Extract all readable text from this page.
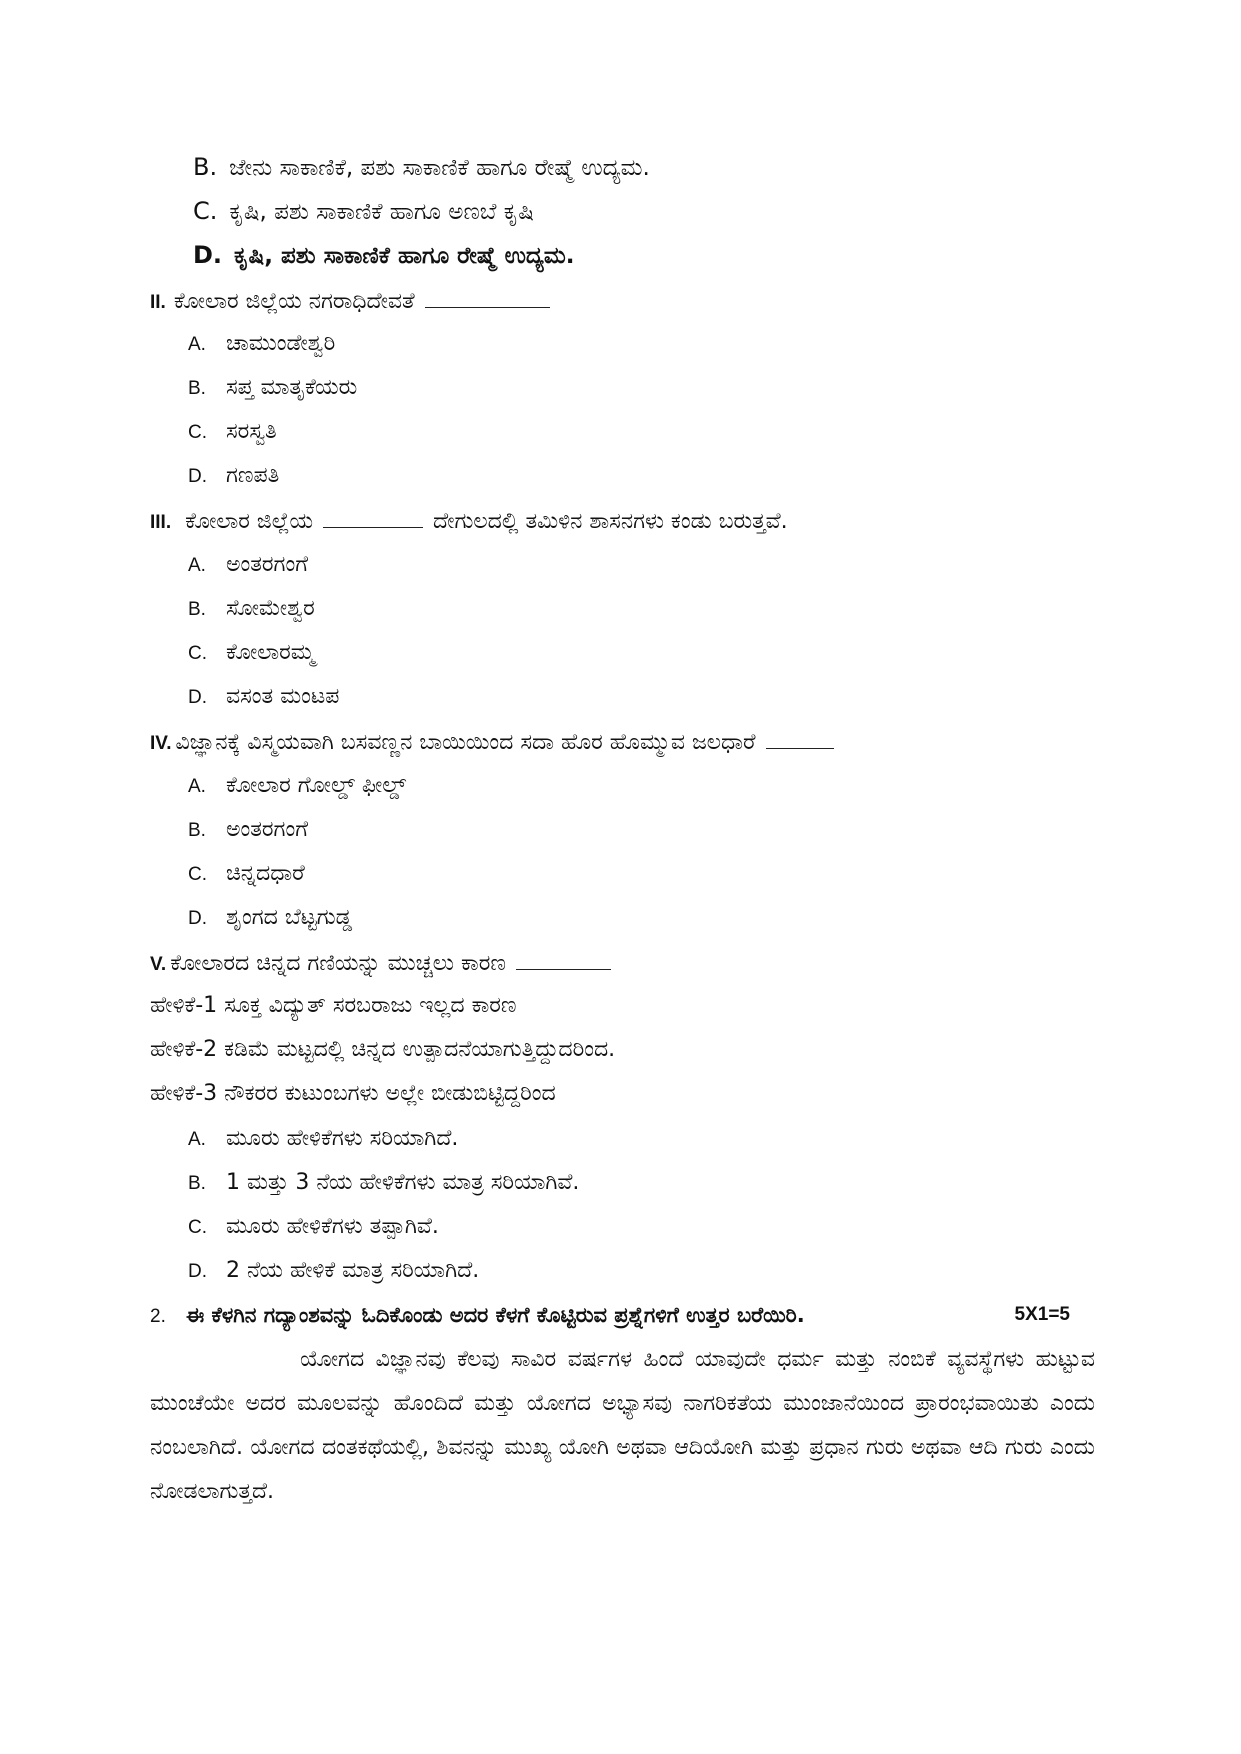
B. ಜೇನು ಸಾಕಾಣಿಕೆ, ಪಶು ಸಾಕಾಣಿಕೆ ಹಾಗೂ ರೇಷ್ಮೆ ಉದ್ಯಮ.
C. ಕೃಷಿ, ಪಶು ಸಾಕಾಣಿಕೆ ಹಾಗೂ ಅಣಬೆ ಕೃಷಿ
D. ಕೃಷಿ, ಪಶು ಸಾಕಾಣಿಕೆ ಹಾಗೂ ರೇಷ್ಮೆ ಉದ್ಯಮ.
II. ಕೋಲಾರ ಜಿಲ್ಲೆಯ ನಗರಾಧಿದೇವತೆ
A. ಚಾಮುಂಡೇಶ್ವರಿ
B. ಸಪ್ತ ಮಾತೃಕೆಯರು
C. ಸರಸ್ವತಿ
D. ಗಣಪತಿ
III. ಕೋಲಾರ ಜಿಲ್ಲೆಯ	ದೇಗುಲದಲ್ಲಿ ತಮಿಳಿನ ಶಾಸನಗಳು ಕಂಡು ಬರುತ್ತವೆ.
A. ಅಂತರಗಂಗೆ
B. ಸೋಮೇಶ್ವರ
C. ಕೋಲಾರಮ್ಮ
D. ವಸಂತ ಮಂಟಪ
IV. ವಿಜ್ಞಾನಕ್ಕೆ ವಿಸ್ಮಯವಾಗಿ ಬಸವಣ್ಣನ ಬಾಯಿಯಿಂದ ಸದಾ ಹೊರ ಹೊಮ್ಮುವ ಜಲಧಾರೆ
A. ಕೋಲಾರ ಗೋಲ್ಡ್ ಫೀಲ್ಡ್
B. ಅಂತರಗಂಗೆ
C. ಚಿನ್ನದಧಾರೆ
D. ಶೃಂಗದ ಬೆಟ್ಟಗುಡ್ಡ
V. ಕೋಲಾರದ ಚಿನ್ನದ ಗಣಿಯನ್ನು ಮುಚ್ಚಲು ಕಾರಣ
ಹೇಳಿಕೆ-1 ಸೂಕ್ತ ವಿದ್ಯುತ್ ಸರಬರಾಜು ಇಲ್ಲದ ಕಾರಣ
ಹೇಳಿಕೆ-2 ಕಡಿಮೆ ಮಟ್ಟದಲ್ಲಿ ಚಿನ್ನದ ಉತ್ಪಾದನೆಯಾಗುತ್ತಿದ್ದುದರಿಂದ.
ಹೇಳಿಕೆ-3 ನೌಕರರ ಕುಟುಂಬಗಳು ಅಲ್ಲೇ ಬೀಡುಬಿಟ್ಟಿದ್ದರಿಂದ
A. ಮೂರು ಹೇಳಿಕೆಗಳು ಸರಿಯಾಗಿದೆ.
B. 1 ಮತ್ತು 3 ನೆಯ ಹೇಳಿಕೆಗಳು ಮಾತ್ರ ಸರಿಯಾಗಿವೆ.
C. ಮೂರು ಹೇಳಿಕೆಗಳು ತಪ್ಪಾಗಿವೆ.
D. 2 ನೆಯ ಹೇಳಿಕೆ ಮಾತ್ರ ಸರಿಯಾಗಿದೆ.
2. ಈ ಕೆಳಗಿನ ಗದ್ಯಾಂಶವನ್ನು ಓದಿಕೊಂಡು ಅದರ ಕೆಳಗೆ ಕೊಟ್ಟಿರುವ ಪ್ರಶ್ನೆಗಳಿಗೆ ಉತ್ತರ ಬರೆಯಿರಿ.	5X1=5
ಯೋಗದ ವಿಜ್ಞಾನವು ಕೆಲವು ಸಾವಿರ ವರ್ಷಗಳ ಹಿಂದೆ ಯಾವುದೇ ಧರ್ಮ ಮತ್ತು ನಂಬಿಕೆ ವ್ಯವಸ್ಥೆಗಳು ಹುಟ್ಟುವ ಮುಂಚೆಯೇ ಅದರ ಮೂಲವನ್ನು ಹೊಂದಿದೆ ಮತ್ತು ಯೋಗದ ಅಭ್ಯಾಸವು ನಾಗರಿಕತೆಯ ಮುಂಜಾನೆಯಿಂದ ಪ್ರಾರಂಭವಾಯಿತು ಎಂದು ನಂಬಲಾಗಿದೆ. ಯೋಗದ ದಂತಕಥೆಯಲ್ಲಿ, ಶಿವನನ್ನು ಮುಖ್ಯ ಯೋಗಿ ಅಥವಾ ಆದಿಯೋಗಿ ಮತ್ತು ಪ್ರಧಾನ ಗುರು ಅಥವಾ ಆದಿ ಗುರು ಎಂದು ನೋಡಲಾಗುತ್ತದೆ.
